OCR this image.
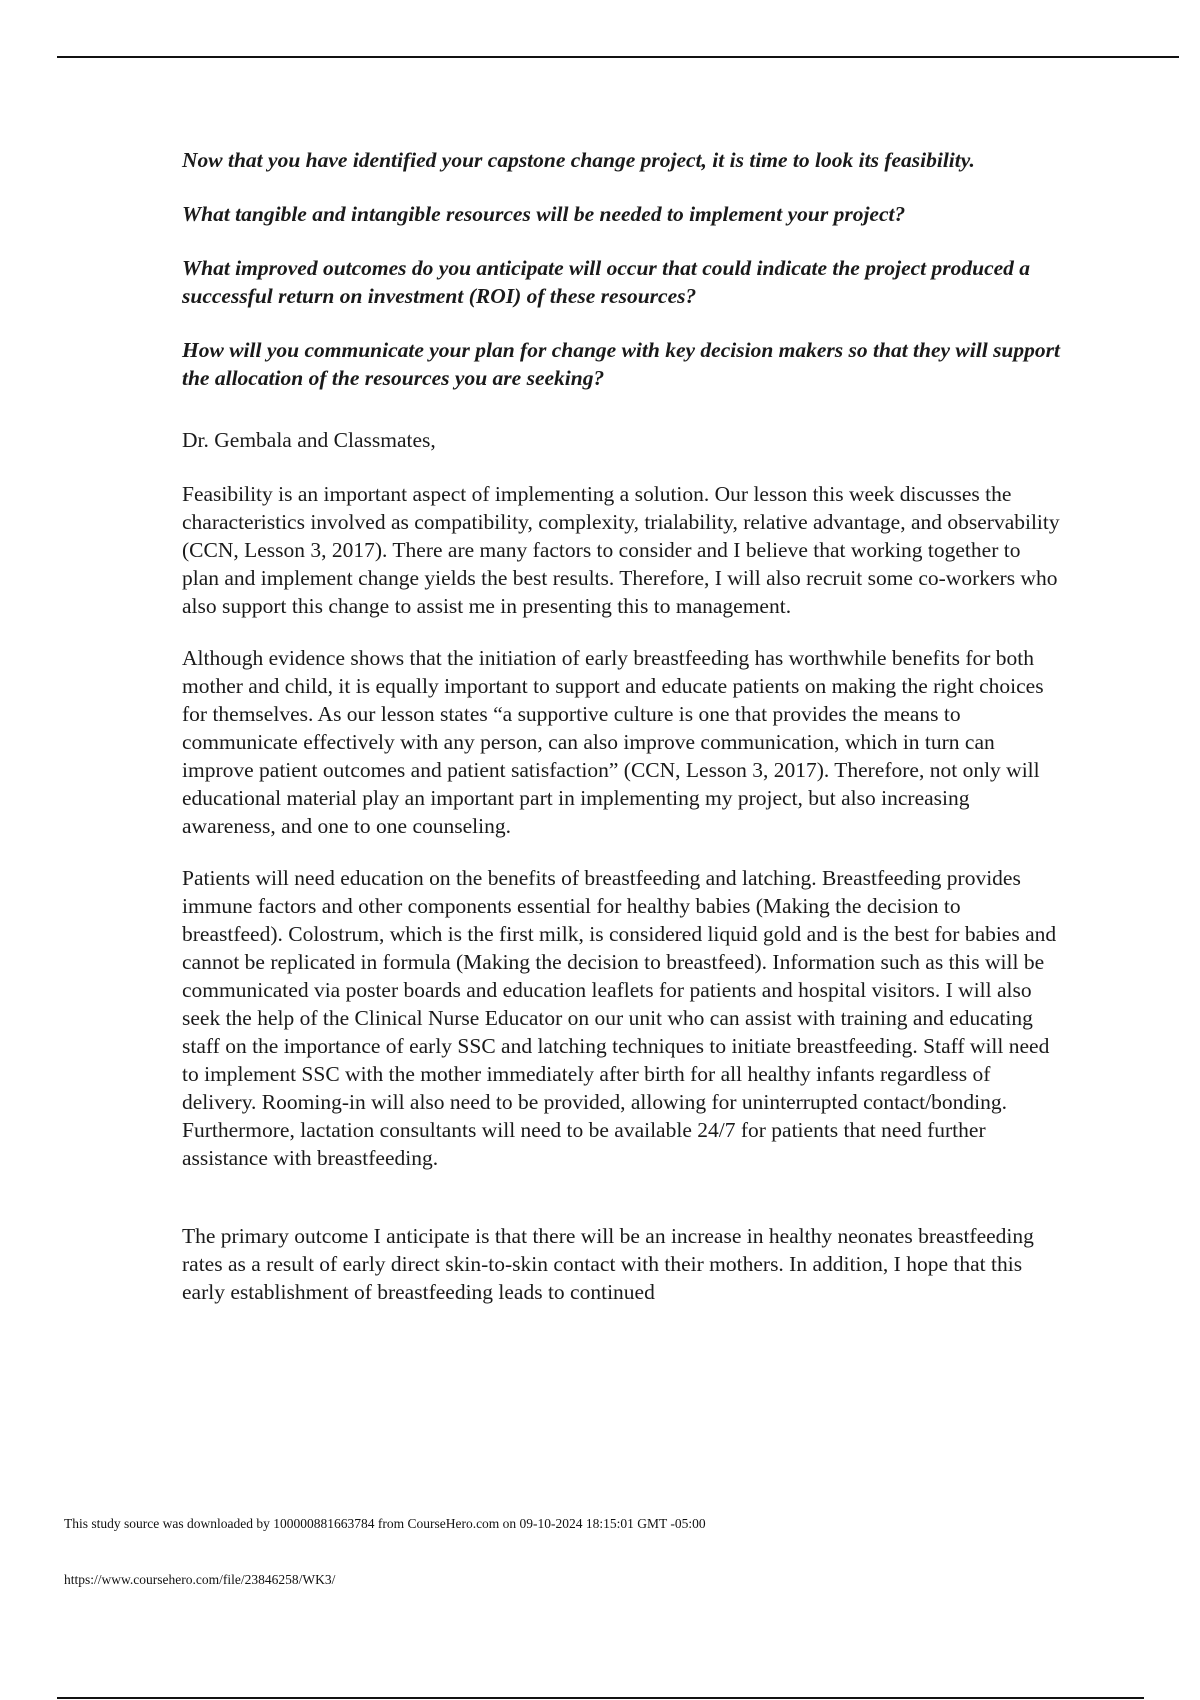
Now that you have identified your capstone change project, it is time to look its feasibility.

What tangible and intangible resources will be needed to implement your project?

What improved outcomes do you anticipate will occur that could indicate the project produced a successful return on investment (ROI) of these resources?

How will you communicate your plan for change with key decision makers so that they will support the allocation of the resources you are seeking?

Dr. Gembala and Classmates,

Feasibility is an important aspect of implementing a solution. Our lesson this week discusses the characteristics involved as compatibility, complexity, trialability, relative advantage, and observability (CCN, Lesson 3, 2017). There are many factors to consider and I believe that working together to plan and implement change yields the best results. Therefore, I will also recruit some co-workers who also support this change to assist me in presenting this to management.

Although evidence shows that the initiation of early breastfeeding has worthwhile benefits for both mother and child, it is equally important to support and educate patients on making the right choices for themselves. As our lesson states “a supportive culture is one that provides the means to communicate effectively with any person, can also improve communication, which in turn can improve patient outcomes and patient satisfaction” (CCN, Lesson 3, 2017). Therefore, not only will educational material play an important part in implementing my project, but also increasing awareness, and one to one counseling.

Patients will need education on the benefits of breastfeeding and latching. Breastfeeding provides immune factors and other components essential for healthy babies (Making the decision to breastfeed). Colostrum, which is the first milk, is considered liquid gold and is the best for babies and cannot be replicated in formula (Making the decision to breastfeed). Information such as this will be communicated via poster boards and education leaflets for patients and hospital visitors. I will also seek the help of the Clinical Nurse Educator on our unit who can assist with training and educating staff on the importance of early SSC and latching techniques to initiate breastfeeding. Staff will need to implement SSC with the mother immediately after birth for all healthy infants regardless of delivery. Rooming-in will also need to be provided, allowing for uninterrupted contact/bonding. Furthermore, lactation consultants will need to be available 24/7 for patients that need further assistance with breastfeeding.

The primary outcome I anticipate is that there will be an increase in healthy neonates breastfeeding rates as a result of early direct skin-to-skin contact with their mothers. In addition, I hope that this early establishment of breastfeeding leads to continued

This study source was downloaded by 100000881663784 from CourseHero.com on 09-10-2024 18:15:01 GMT -05:00
https://www.coursehero.com/file/23846258/WK3/
